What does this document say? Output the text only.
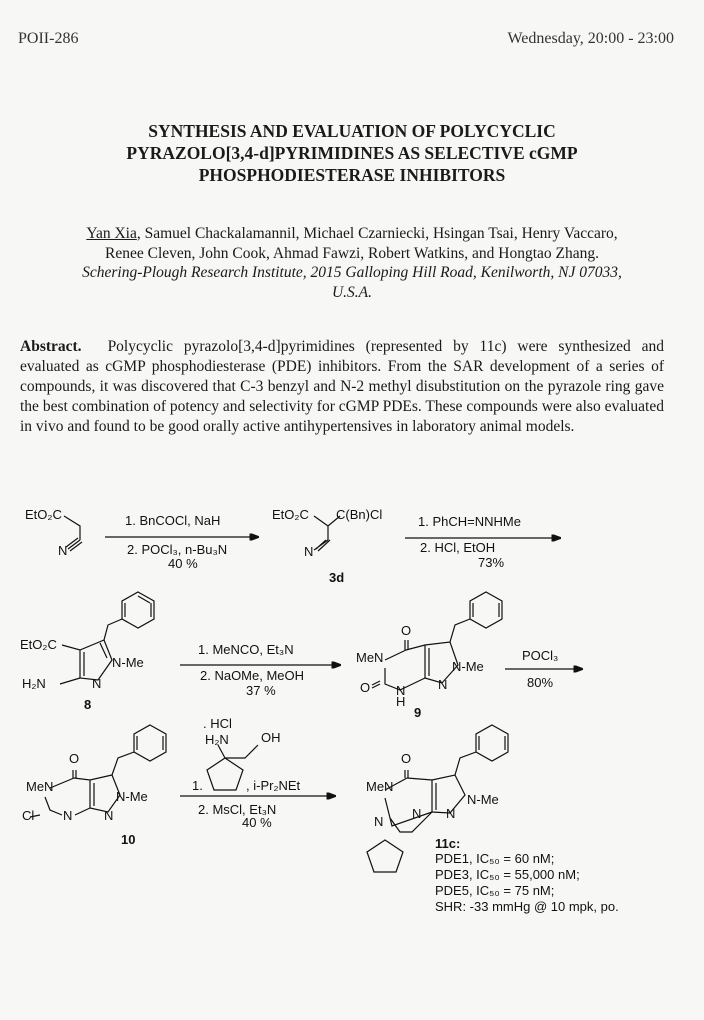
POII-286	Wednesday, 20:00 - 23:00
SYNTHESIS AND EVALUATION OF POLYCYCLIC
PYRAZOLO[3,4-d]PYRIMIDINES AS SELECTIVE cGMP
PHOSPHODIESTERASE INHIBITORS
Yan Xia, Samuel Chackalamannil, Michael Czarniecki, Hsingan Tsai, Henry Vaccaro,
Renee Cleven, John Cook, Ahmad Fawzi, Robert Watkins, and Hongtao Zhang.
Schering-Plough Research Institute, 2015 Galloping Hill Road, Kenilworth, NJ 07033,
U.S.A.
Abstract. Polycyclic pyrazolo[3,4-d]pyrimidines (represented by 11c) were synthesized and evaluated as cGMP phosphodiesterase (PDE) inhibitors. From the SAR development of a series of compounds, it was discovered that C-3 benzyl and N-2 methyl disubstitution on the pyrazole ring gave the best combination of potency and selectivity for cGMP PDEs. These compounds were also evaluated in vivo and found to be good orally active antihypertensives in laboratory animal models.
EtO₂C
N
1. BnCOCl, NaH
2. POCl₃, n-Bu₃N
40 %
EtO₂C C(Bn)Cl
N
3d
1. PhCH=NNHMe
2. HCl, EtOH
73%
EtO₂C
N-Me
H₂N	N
8
1. MeNCO, Et₃N
2. NaOMe, MeOH
37 %
O
MeN
N-Me
O N	N
H
9
POCl₃
80%
O
MeN
N-Me
Cl N N
10
. HCl
H₂N OH
1.	, i-Pr₂NEt
2. MsCl, Et₃N
40 %
O
MeN
N-Me
N
N N
11c:
PDE1, IC₅₀ = 60 nM;
PDE3, IC₅₀ = 55,000 nM;
PDE5, IC₅₀ = 75 nM;
SHR: -33 mmHg @ 10 mpk, po.
